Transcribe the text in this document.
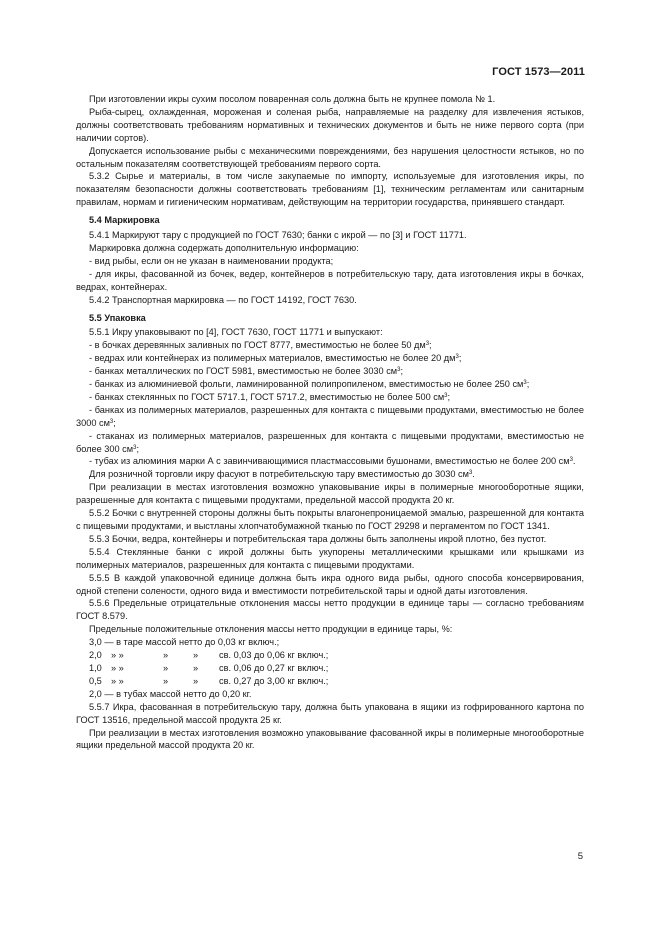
ГОСТ 1573—2011

При изготовлении икры сухим посолом поваренная соль должна быть не крупнее помола № 1.

Рыба-сырец, охлажденная, мороженая и соленая рыба, направляемые на разделку для извлечения ястыков, должны соответствовать требованиям нормативных и технических документов и быть не ниже первого сорта (при наличии сортов).

Допускается использование рыбы с механическими повреждениями, без нарушения целостности ястыков, но по остальным показателям соответствующей требованиям первого сорта.

5.3.2 Сырье и материалы, в том числе закупаемые по импорту, используемые для изготовления икры, по показателям безопасности должны соответствовать требованиям [1], техническим регламентам или санитарным правилам, нормам и гигиеническим нормативам, действующим на территории государства, принявшего стандарт.

5.4 Маркировка

5.4.1 Маркируют тару с продукцией по ГОСТ 7630; банки с икрой — по [3] и ГОСТ 11771.

Маркировка должна содержать дополнительную информацию:

- вид рыбы, если он не указан в наименовании продукта;

- для икры, фасованной из бочек, ведер, контейнеров в потребительскую тару, дата изготовления икры в бочках, ведрах, контейнерах.

5.4.2 Транспортная маркировка — по ГОСТ 14192, ГОСТ 7630.

5.5 Упаковка

5.5.1 Икру упаковывают по [4], ГОСТ 7630, ГОСТ 11771 и выпускают:

- в бочках деревянных заливных по ГОСТ 8777, вместимостью не более 50 $дм^3$;

- ведрах или контейнерах из полимерных материалов, вместимостью не более 20 $дм^3$;

- банках металлических по ГОСТ 5981, вместимостью не более 3030 $см^3$;

- банках из алюминиевой фольги, ламинированной полипропиленом, вместимостью не более 250 $см^3$;

- банках стеклянных по ГОСТ 5717.1, ГОСТ 5717.2, вместимостью не более 500 $см^3$;

- банках из полимерных материалов, разрешенных для контакта с пищевыми продуктами, вместимостью не более 3000 $см^3$;

- стаканах из полимерных материалов, разрешенных для контакта с пищевыми продуктами, вместимостью не более 300 $см^3$;

- тубах из алюминия марки А с завинчивающимися пластмассовыми бушонами, вместимостью не более 200 $см^3$.

Для розничной торговли икру фасуют в потребительскую тару вместимостью до 3030 $см^3$.

При реализации в местах изготовления возможно упаковывание икры в полимерные многооборотные ящики, разрешенные для контакта с пищевыми продуктами, предельной массой продукта 20 кг.

5.5.2 Бочки с внутренней стороны должны быть покрыты влагонепроницаемой эмалью, разрешенной для контакта с пищевыми продуктами, и выстланы хлопчатобумажной тканью по ГОСТ 29298 и пергаментом по ГОСТ 1341.

5.5.3 Бочки, ведра, контейнеры и потребительская тара должны быть заполнены икрой плотно, без пустот.

5.5.4 Стеклянные банки с икрой должны быть укупорены металлическими крышками или крышками из полимерных материалов, разрешенных для контакта с пищевыми продуктами.

5.5.5 В каждой упаковочной единице должна быть икра одного вида рыбы, одного способа консервирования, одной степени солености, одного вида и вместимости потребительской тары и одной даты изготовления.

5.5.6 Предельные отрицательные отклонения массы нетто продукции в единице тары — согласно требованиям ГОСТ 8.579.

Предельные положительные отклонения массы нетто продукции в единице тары, %:

3,0 — в таре массой нетто до 0,03 кг включ.;

2,0	» »	»	»	св. 0,03 до 0,06 кг включ.;
1,0	» »	»	»	св. 0,06 до 0,27 кг включ.;
0,5	» »	»	»	св. 0,27 до 3,00 кг включ.;

2,0 — в тубах массой нетто до 0,20 кг.

5.5.7 Икра, фасованная в потребительскую тару, должна быть упакована в ящики из гофрированного картона по ГОСТ 13516, предельной массой продукта 25 кг.

При реализации в местах изготовления возможно упаковывание фасованной икры в полимерные многооборотные ящики предельной массой продукта 20 кг.

5
